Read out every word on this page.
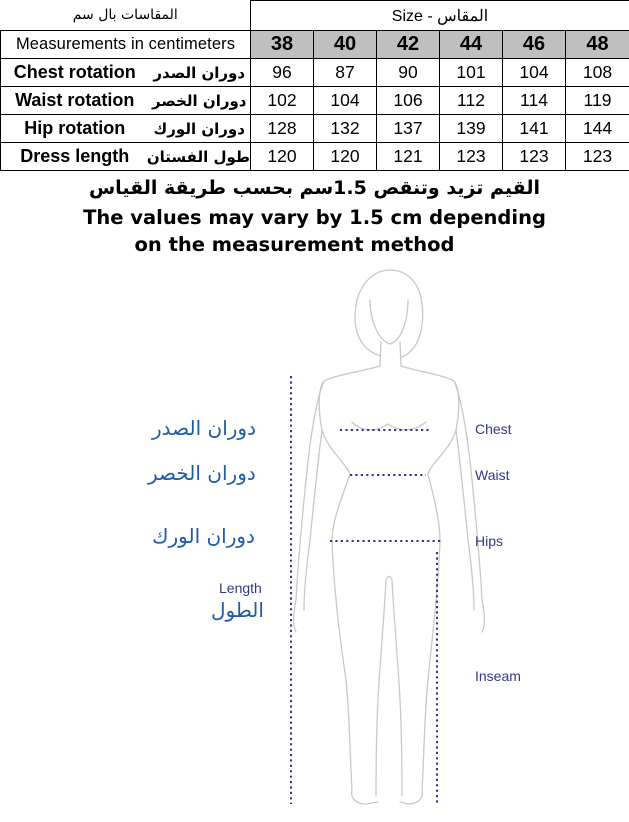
المقاسات بال سم		Size - المقاس					
Measurements in centimeters		38	40	42	44	46	48
Chest rotation	دوران الصدر	96	87	90	101	104	108
Waist rotation	دوران الخصر	102	104	106	112	114	119
Hip rotation	دوران الورك	128	132	137	139	141	144
Dress length	طول الفستان	120	120	121	123	123	123
القيم تزيد وتنقص 1.5سم بحسب طريقة القياس
The values may vary by 1.5 cm depending
on the measurement method
دوران الصدر
دوران الخصر
دوران الورك
Length
الطول
Chest
Waist
Hips
Inseam
